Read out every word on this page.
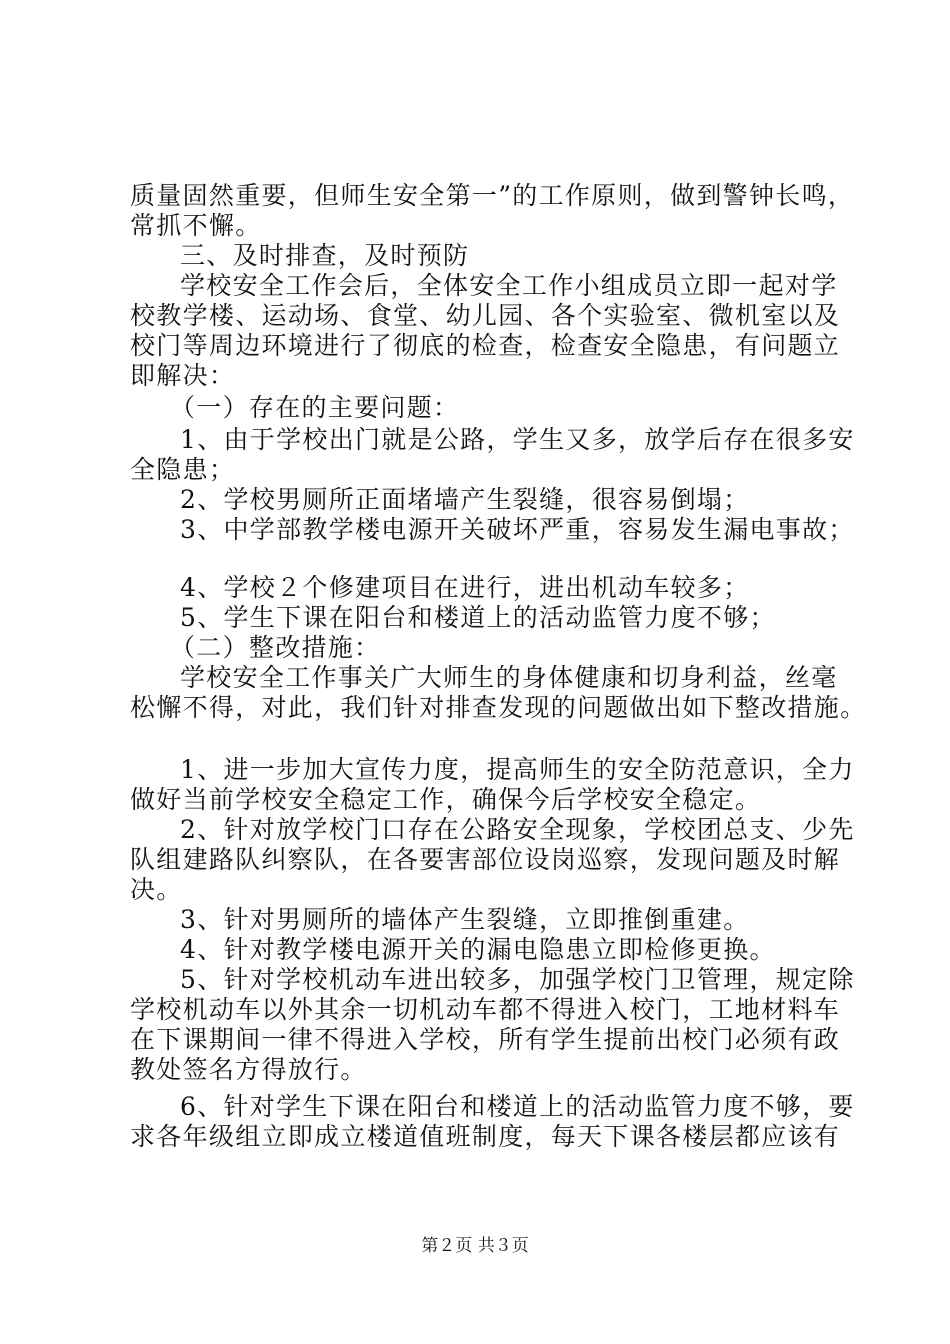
质量固然重要，但师生安全第一”的工作原则，做到警钟长鸣，
常抓不懈。
三、及时排查，及时预防
学校安全工作会后，全体安全工作小组成员立即一起对学
校教学楼、运动场、食堂、幼儿园、各个实验室、微机室以及
校门等周边环境进行了彻底的检查，检查安全隐患，有问题立
即解决：
（一）存在的主要问题：
1、由于学校出门就是公路，学生又多，放学后存在很多安
全隐患；
2、学校男厕所正面堵墙产生裂缝，很容易倒塌；
3、中学部教学楼电源开关破坏严重，容易发生漏电事故；
4、学校２个修建项目在进行，进出机动车较多；
5、学生下课在阳台和楼道上的活动监管力度不够；
（二）整改措施：
学校安全工作事关广大师生的身体健康和切身利益，丝毫
松懈不得，对此，我们针对排查发现的问题做出如下整改措施。
1、进一步加大宣传力度，提高师生的安全防范意识，全力
做好当前学校安全稳定工作，确保今后学校安全稳定。
2、针对放学校门口存在公路安全现象，学校团总支、少先
队组建路队纠察队，在各要害部位设岗巡察，发现问题及时解
决。
3、针对男厕所的墙体产生裂缝，立即推倒重建。
4、针对教学楼电源开关的漏电隐患立即检修更换。
5、针对学校机动车进出较多，加强学校门卫管理，规定除
学校机动车以外其余一切机动车都不得进入校门，工地材料车
在下课期间一律不得进入学校，所有学生提前出校门必须有政
教处签名方得放行。
6、针对学生下课在阳台和楼道上的活动监管力度不够，要
求各年级组立即成立楼道值班制度，每天下课各楼层都应该有
第２页 共３页
